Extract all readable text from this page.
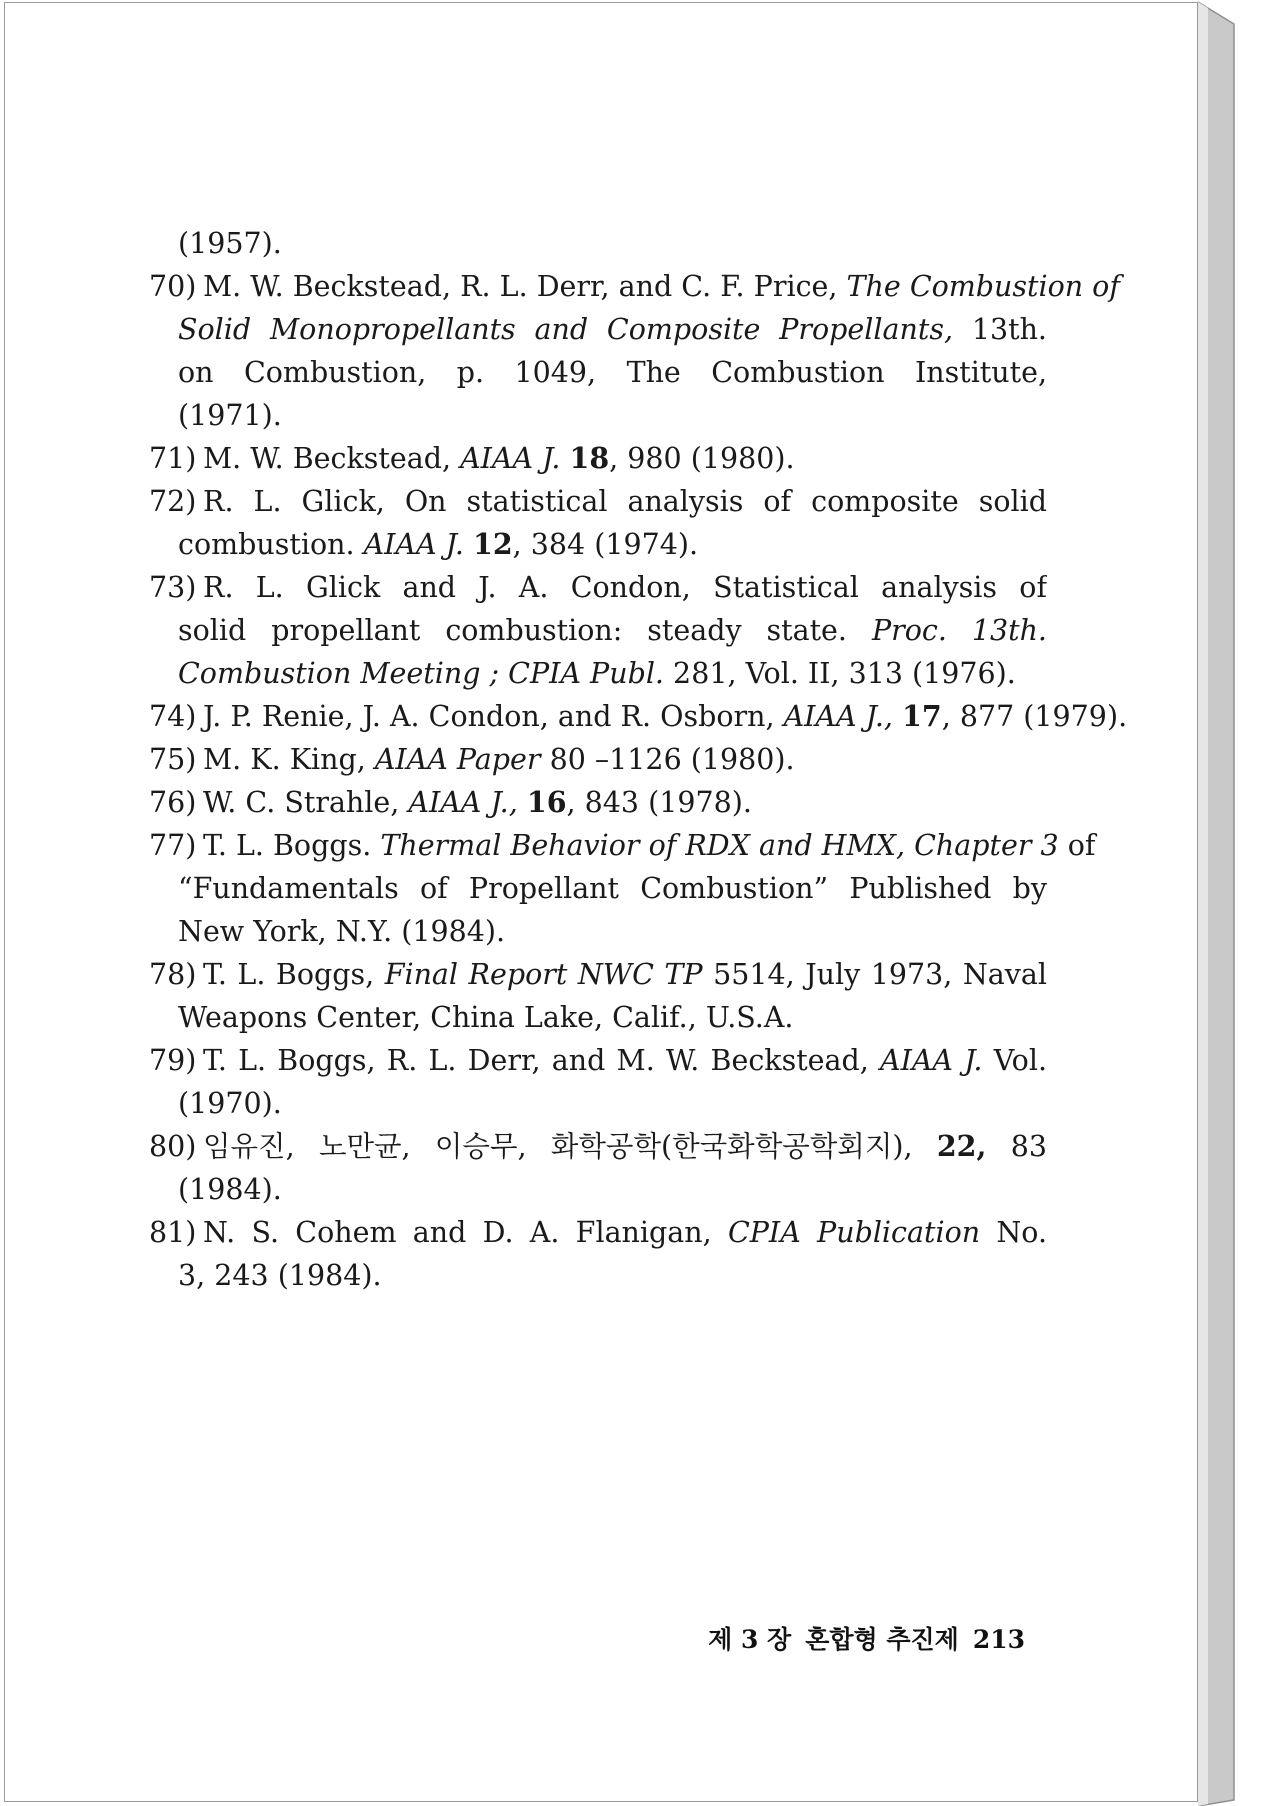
(1957).
70) M. W. Beckstead, R. L. Derr, and C. F. Price, The Combustion of
Solid Monopropellants and Composite Propellants, 13th.
on Combustion, p. 1049, The Combustion Institute,
(1971).
71) M. W. Beckstead, AIAA J. 18, 980 (1980).
72) R. L. Glick, On statistical analysis of composite solid
combustion. AIAA J. 12, 384 (1974).
73) R. L. Glick and J. A. Condon, Statistical analysis of
solid propellant combustion: steady state. Proc. 13th.
Combustion Meeting ; CPIA Publ. 281, Vol. II, 313 (1976).
74) J. P. Renie, J. A. Condon, and R. Osborn, AIAA J., 17, 877 (1979).
75) M. K. King, AIAA Paper 80 –1126 (1980).
76) W. C. Strahle, AIAA J., 16, 843 (1978).
77) T. L. Boggs. Thermal Behavior of RDX and HMX, Chapter 3 of
“Fundamentals of Propellant Combustion” Published by
New York, N.Y. (1984).
78) T. L. Boggs, Final Report NWC TP 5514, July 1973, Naval
Weapons Center, China Lake, Calif., U.S.A.
79) T. L. Boggs, R. L. Derr, and M. W. Beckstead, AIAA J. Vol.
(1970).
80) 임유진, 노만균, 이승무, 화학공학(한국화학공학회지), 22, 83
(1984).
81) N. S. Cohem and D. A. Flanigan, CPIA Publication No.
3, 243 (1984).
제 3 장 혼합형 추진제 213
